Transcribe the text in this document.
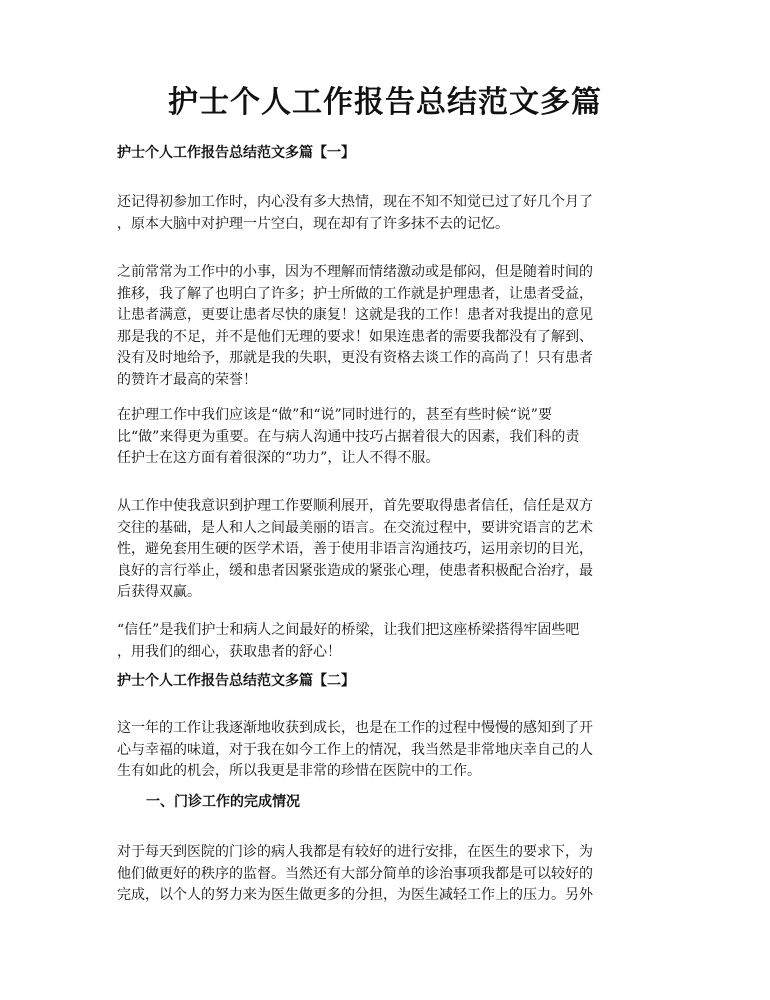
护士个人工作报告总结范文多篇
护士个人工作报告总结范文多篇【一】

还记得初参加工作时，内心没有多大热情，现在不知不知觉已过了好几个月了
，原本大脑中对护理一片空白，现在却有了许多抹不去的记忆。

之前常常为工作中的小事，因为不理解而情绪激动或是郁闷，但是随着时间的
推移，我了解了也明白了许多；护士所做的工作就是护理患者，让患者受益，
让患者满意，更要让患者尽快的康复！这就是我的工作！患者对我提出的意见
那是我的不足，并不是他们无理的要求！如果连患者的需要我都没有了解到、
没有及时地给予，那就是我的失职，更没有资格去谈工作的高尚了！只有患者
的赞许才最高的荣誉！

在护理工作中我们应该是“做”和“说”同时进行的，甚至有些时候“说”要
比“做”来得更为重要。在与病人沟通中技巧占据着很大的因素，我们科的责
任护士在这方面有着很深的“功力”，让人不得不服。

从工作中使我意识到护理工作要顺利展开，首先要取得患者信任，信任是双方
交往的基础，是人和人之间最美丽的语言。在交流过程中，要讲究语言的艺术
性，避免套用生硬的医学术语，善于使用非语言沟通技巧，运用亲切的目光，
良好的言行举止，缓和患者因紧张造成的紧张心理，使患者积极配合治疗，最
后获得双赢。

“信任”是我们护士和病人之间最好的桥梁，让我们把这座桥梁搭得牢固些吧
，用我们的细心，获取患者的舒心！

护士个人工作报告总结范文多篇【二】

这一年的工作让我逐渐地收获到成长，也是在工作的过程中慢慢的感知到了开
心与幸福的味道，对于我在如今工作上的情况，我当然是非常地庆幸自己的人
生有如此的机会，所以我更是非常的珍惜在医院中的工作。

一、门诊工作的完成情况

对于每天到医院的门诊的病人我都是有较好的进行安排，在医生的要求下，为
他们做更好的秩序的监督。当然还有大部分简单的诊治事项我都是可以较好的
完成，以个人的努力来为医生做更多的分担，为医生减轻工作上的压力。另外
